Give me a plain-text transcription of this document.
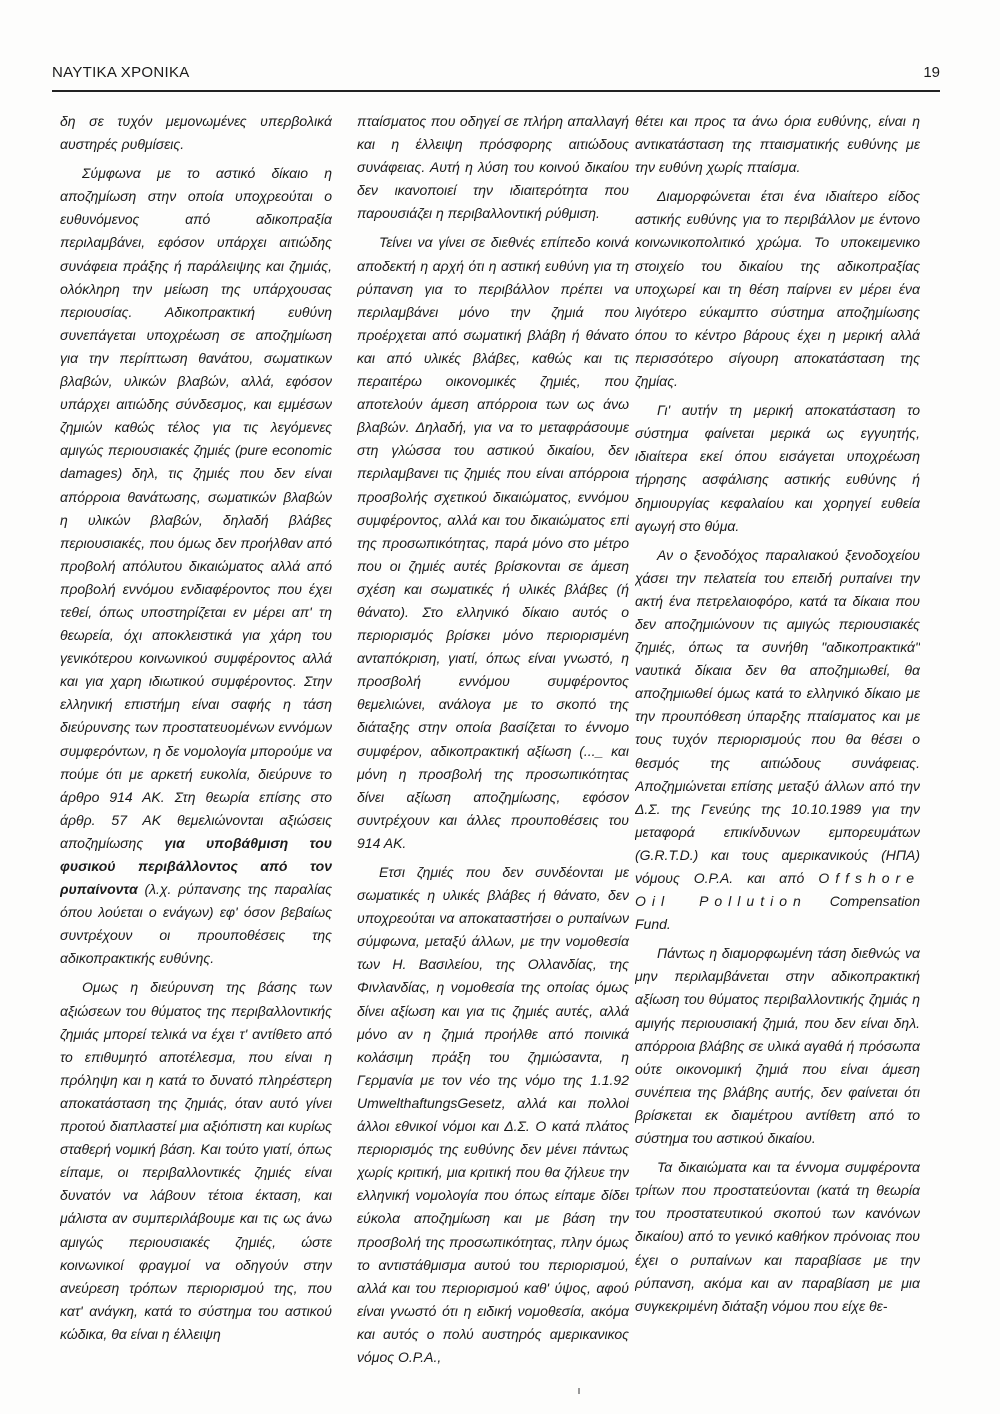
ΝΑΥΤΙΚΑ ΧΡΟΝΙΚΑ	19

δη σε τυχόν μεμονωμένες υπερβολικά αυστηρές ρυθμίσεις.

Σύμφωνα με το αστικό δίκαιο η αποζημίωση στην οποία υποχρεούται ο ευθυνόμενος από αδικοπραξία περιλαμβάνει, εφόσον υπάρχει αιτιώδης συνάφεια πράξης ή παράλειψης και ζημιάς, ολόκληρη την μείωση της υπάρχουσας περιουσίας. Αδικοπρακτική ευθύνη συνεπάγεται υποχρέωση σε αποζημίωση για την περίπτωση θανάτου, σωματικων βλαβών, υλικών βλαβών, αλλά, εφόσον υπάρχει αιτιώδης σύνδεσμος, και εμμέσων ζημιών καθώς τέλος για τις λεγόμενες αμιγώς περιουσιακές ζημιές (pure economic damages) δηλ, τις ζημιές που δεν είναι απόρροια θανάτωσης, σωματικών βλαβών η υλικών βλαβών, δηλαδή βλάβες περιουσιακές, που όμως δεν προήλθαν από προβολή απόλυτου δικαιώματος αλλά από προβολή εννόμου ενδιαφέροντος που έχει τεθεί, όπως υποστηρίζεται εν μέρει απ' τη θεωρεία, όχι αποκλειστικά για χάρη του γενικότερου κοινωνικού συμφέροντος αλλά και για χαρη ιδιωτικού συμφέροντος. Στην ελληνική επιστήμη είναι σαφής η τάση διεύρυνσης των προστατευομένων εννόμων συμφερόντων, η δε νομολογία μπορούμε να πούμε ότι με αρκετή ευκολία, διεύρυνε το άρθρο 914 ΑΚ. Στη θεωρία επίσης στο άρθρ. 57 ΑΚ θεμελιώνονται αξιώσεις αποζημίωσης για υποβάθμιση του φυσικού περιβάλλοντος από τον ρυπαίνοντα (λ.χ. ρύπανσης της παραλίας όπου λούεται ο ενάγων) εφ' όσον βεβαίως συντρέχουν οι προυποθέσεις της αδικοπρακτικής ευθύνης.

Ομως η διεύρυνση της βάσης των αξιώσεων του θύματος της περιβαλλοντικής ζημιάς μπορεί τελικά να έχει τ' αντίθετο από το επιθυμητό αποτέλεσμα, που είναι η πρόληψη και η κατά το δυνατό πληρέστερη αποκατάσταση της ζημιάς, όταν αυτό γίνει προτού διαπλαστεί μια αξιόπιστη και κυρίως σταθερή νομική βάση. Και τούτο γιατί, όπως είπαμε, οι περιβαλλοντικές ζημιές είναι δυνατόν να λάβουν τέτοια έκταση, και μάλιστα αν συμπεριλάβουμε και τις ως άνω αμιγώς περιουσιακές ζημιές, ώστε κοινωνικοί φραγμοί να οδηγούν στην ανεύρεση τρόπων περιορισμού της, που κατ' ανάγκη, κατά το σύστημα του αστικού κώδικα, θα είναι η έλλειψη

πταίσματος που οδηγεί σε πλήρη απαλλαγή και η έλλειψη πρόσφορης αιτιώδους συνάφειας. Αυτή η λύση του κοινού δικαίου δεν ικανοποιεί την ιδιαιτερότητα που παρουσιάζει η περιβαλλοντική ρύθμιση.

Τείνει να γίνει σε διεθνές επίπεδο κοινά αποδεκτή η αρχή ότι η αστική ευθύνη για τη ρύπανση για το περιβάλλον πρέπει να περιλαμβάνει μόνο την ζημιά που προέρχεται από σωματική βλάβη ή θάνατο και από υλικές βλάβες, καθώς και τις περαιτέρω οικονομικές ζημιές, που αποτελούν άμεση απόρροια των ως άνω βλαβών. Δηλαδή, για να το μεταφράσουμε στη γλώσσα του αστικού δικαίου, δεν περιλαμβανει τις ζημιές που είναι απόρροια προσβολής σχετικού δικαιώματος, εννόμου συμφέροντος, αλλά και του δικαιώματος επί της προσωπικότητας, παρά μόνο στο μέτρο που οι ζημιές αυτές βρίσκονται σε άμεση σχέση και σωματικές ή υλικές βλάβες (ή θάνατο). Στο ελληνικό δίκαιο αυτός ο περιορισμός βρίσκει μόνο περιορισμένη ανταπόκριση, γιατί, όπως είναι γνωστό, η προσβολή εννόμου συμφέροντος θεμελιώνει, ανάλογα με το σκοπό της διάταξης στην οποία βασίζεται το έννομο συμφέρον, αδικοπρακτική αξίωση (..._ και μόνη η προσβολή της προσωπικότητας δίνει αξίωση αποζημίωσης, εφόσον συντρέχουν και άλλες προυποθέσεις του 914 ΑΚ.

Ετσι ζημιές που δεν συνδέονται με σωματικές η υλικές βλάβες ή θάνατο, δεν υποχρεούται να αποκαταστήσει ο ρυπαίνων σύμφωνα, μεταξύ άλλων, με την νομοθεσία των Η. Βασιλείου, της Ολλανδίας, της Φινλανδίας, η νομοθεσία της οποίας όμως δίνει αξίωση και για τις ζημιές αυτές, αλλά μόνο αν η ζημιά προήλθε από ποινικά κολάσιμη πράξη του ζημιώσαντα, η Γερμανία με τον νέο της νόμο της 1.1.92 UmwelthaftungsGesetz, αλλά και πολλοί άλλοι εθνικοί νόμοι και Δ.Σ. Ο κατά πλάτος περιορισμός της ευθύνης δεν μένει πάντως χωρίς κριτική, μια κριτική που θα ζήλευε την ελληνική νομολογία που όπως είπαμε δίδει εύκολα αποζημίωση και με βάση την προσβολή της προσωπικότητας, πλην όμως το αντιστάθμισμα αυτού του περιορισμού, αλλά και του περιορισμού καθ' ύψος, αφού είναι γνωστό ότι η ειδική νομοθεσία, ακόμα και αυτός ο πολύ αυστηρός αμερικανικος νόμος Ο.Ρ.Α.,

θέτει και προς τα άνω όρια ευθύνης, είναι η αντικατάσταση της πταισματικής ευθύνης με την ευθύνη χωρίς πταίσμα.

Διαμορφώνεται έτσι ένα ιδιαίτερο είδος αστικής ευθύνης για το περιβάλλον με έντονο κοινωνικοπολιτικό χρώμα. Το υποκειμενικο στοιχείο του δικαίου της αδικοπραξίας υποχωρεί και τη θέση παίρνει εν μέρει ένα λιγότερο εύκαμπτο σύστημα αποζημίωσης όπου το κέντρο βάρους έχει η μερική αλλά περισσότερο σίγουρη αποκατάσταση της ζημίας.

Γι' αυτήν τη μερική αποκατάσταση το σύστημα φαίνεται μερικά ως εγγυητής, ιδιαίτερα εκεί όπου εισάγεται υποχρέωση τήρησης ασφάλισης αστικής ευθύνης ή δημιουργίας κεφαλαίου και χορηγεί ευθεία αγωγή στο θύμα.

Αν ο ξενοδόχος παραλιακού ξενοδοχείου χάσει την πελατεία του επειδή ρυπαίνει την ακτή ένα πετρελαιοφόρο, κατά τα δίκαια που δεν αποζημιώνουν τις αμιγώς περιουσιακές ζημιές, όπως τα συνήθη "αδικοπρακτικά" ναυτικά δίκαια δεν θα αποζημιωθεί, θα αποζημιωθεί όμως κατά το ελληνικό δίκαιο με την προυπόθεση ύπαρξης πταίσματος και με τους τυχόν περιορισμούς που θα θέσει ο θεσμός της αιτιώδους συνάφειας. Αποζημιώνεται επίσης μεταξύ άλλων από την Δ.Σ. της Γενεύης της 10.10.1989 για την μεταφορά επικίνδυνων εμπορευμάτων (G.R.T.D.) και τους αμερικανικούς (ΗΠΑ) νόμους Ο.Ρ.Α. και από Offshore Oil Pollution Compensation Fund.

Πάντως η διαμορφωμένη τάση διεθνώς να μην περιλαμβάνεται στην αδικοπρακτική αξίωση του θύματος περιβαλλοντικής ζημιάς η αμιγής περιουσιακή ζημιά, που δεν είναι δηλ. απόρροια βλάβης σε υλικά αγαθά ή πρόσωπα ούτε οικονομική ζημιά που είναι άμεση συνέπεια της βλάβης αυτής, δεν φαίνεται ότι βρίσκεται εκ διαμέτρου αντίθετη από το σύστημα του αστικού δικαίου.

Τα δικαιώματα και τα έννομα συμφέροντα τρίτων που προστατεύονται (κατά τη θεωρία του προστατευτικού σκοπού των κανόνων δικαίου) από το γενικό καθήκον πρόνοιας που έχει ο ρυπαίνων και παραβίασε με την ρύπανση, ακόμα και αν παραβίαση με μια συγκεκριμένη διάταξη νόμου που είχε θε-
